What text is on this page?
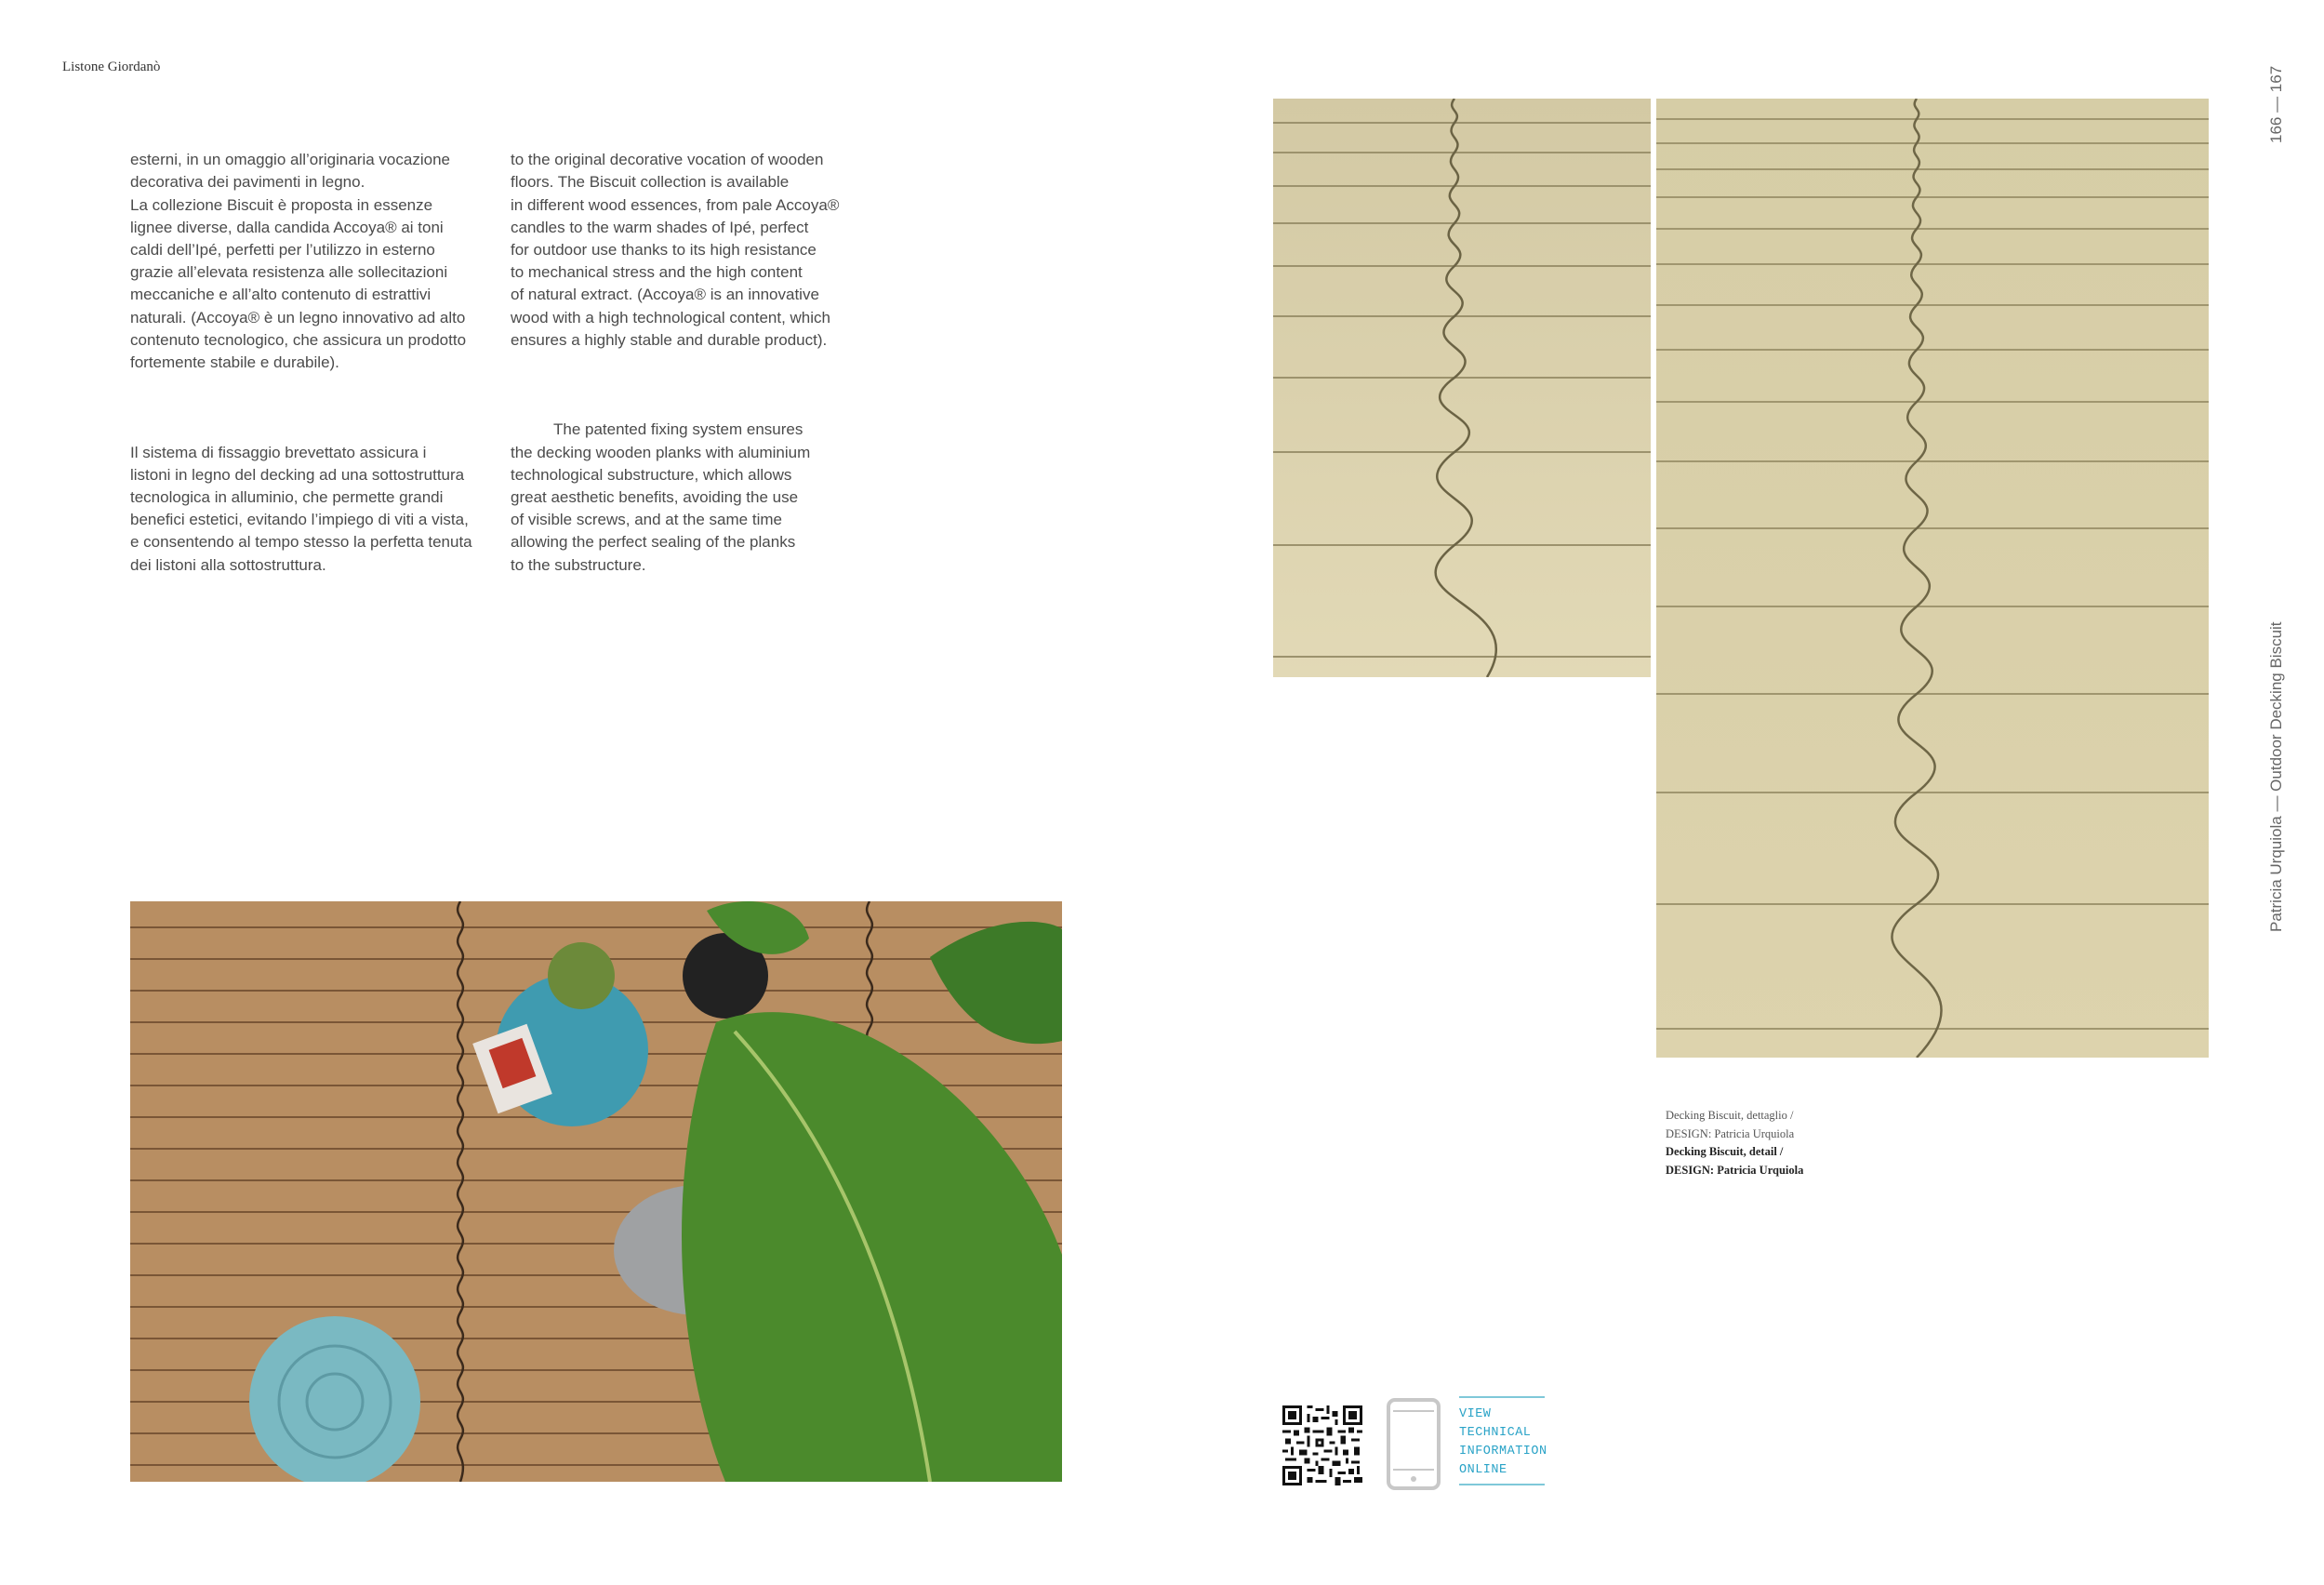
Listone Giordanò

esterni, in un omaggio all’originaria vocazione
decorativa dei pavimenti in legno.
La collezione Biscuit è proposta in essenze
lignee diverse, dalla candida Accoya® ai toni
caldi dell’Ipé, perfetti per l’utilizzo in esterno
grazie all’elevata resistenza alle sollecitazioni
meccaniche e all’alto contenuto di estrattivi
naturali. (Accoya® è un legno innovativo ad alto
contenuto tecnologico, che assicura un prodotto
fortemente stabile e durabile).

Il sistema di fissaggio brevettato assicura i
listoni in legno del decking ad una sottostruttura
tecnologica in alluminio, che permette grandi
benefici estetici, evitando l’impiego di viti a vista,
e consentendo al tempo stesso la perfetta tenuta
dei listoni alla sottostruttura.

to the original decorative vocation of wooden
floors. The Biscuit collection is available
in different wood essences, from pale Accoya®
candles to the warm shades of Ipé, perfect
for outdoor use thanks to its high resistance
to mechanical stress and the high content
of natural extract. (Accoya® is an innovative
wood with a high technological content, which
ensures a highly stable and durable product).

The patented fixing system ensures
the decking wooden planks with aluminium
technological substructure, which allows
great aesthetic benefits, avoiding the use
of visible screws, and at the same time
allowing the perfect sealing of the planks
to the substructure.

Decking Biscuit, dettaglio /
DESIGN: Patricia Urquiola
Decking Biscuit, detail /
DESIGN: Patricia Urquiola
166 — 167
Patricia Urquiola — Outdoor Decking Biscuit
VIEW
TECHNICAL
INFORMATION
ONLINE
